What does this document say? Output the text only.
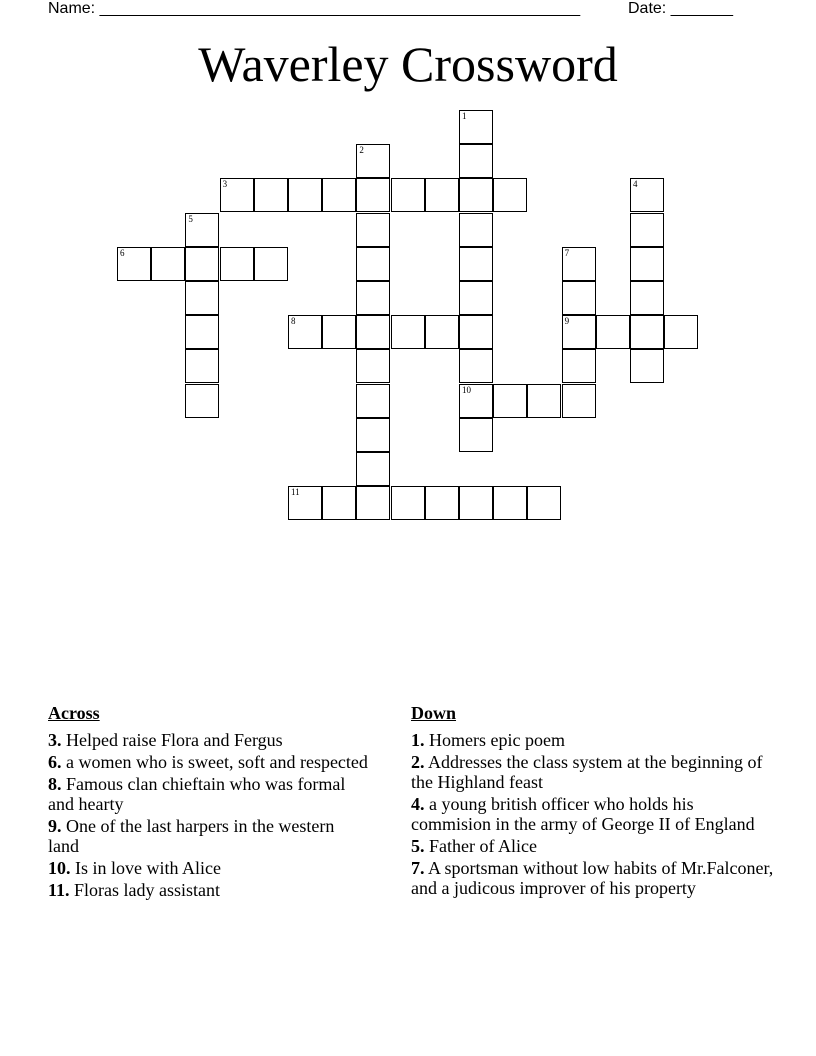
Name: ______________________________________________________	Date: _______
Waverley Crossword
1
10
2
3	4
5
6	7
9
8
11
Across
3. Helped raise Flora and Fergus
6. a women who is sweet, soft and respected
8. Famous clan chieftain who was formal and hearty
9. One of the last harpers in the western land
10. Is in love with Alice
11. Floras lady assistant
Down
1. Homers epic poem
2. Addresses the class system at the beginning of the Highland feast
4. a young british officer who holds his commision in the army of George II of England
5. Father of Alice
7. A sportsman without low habits of Mr.Falconer, and a judicous improver of his property
